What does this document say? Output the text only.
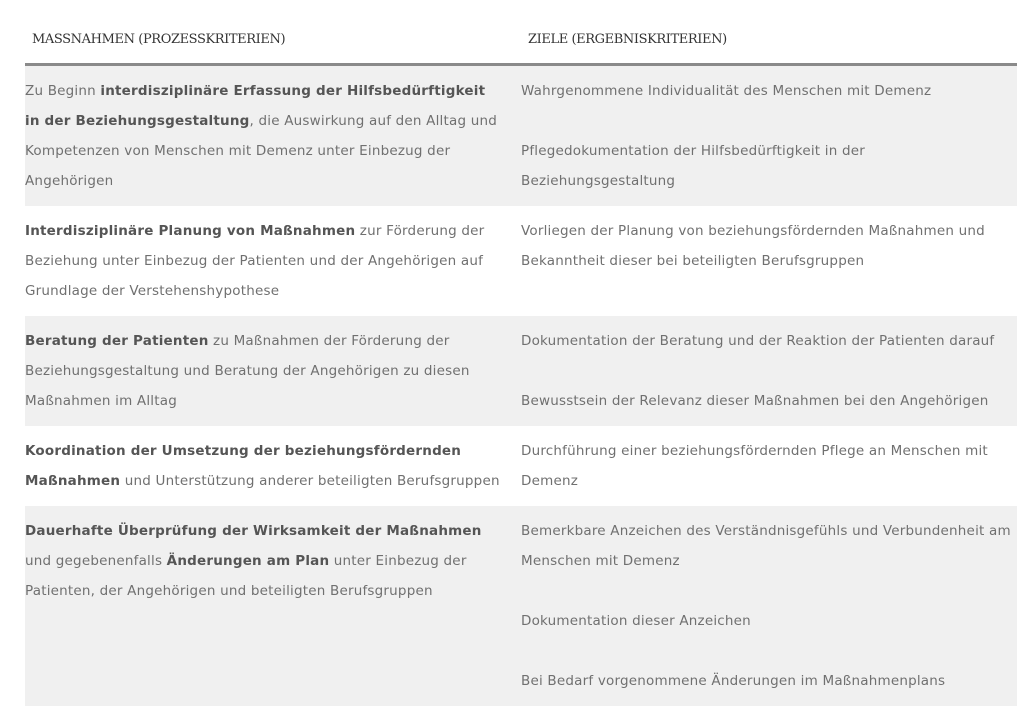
MASSNAHMEN (PROZESSKRITERIEN)	ZIELE (ERGEBNISKRITERIEN)
Zu Beginn interdisziplinäre Erfassung der Hilfsbedürftigkeit in der Beziehungsgestaltung, die Auswirkung auf den Alltag und Kompetenzen von Menschen mit Demenz unter Einbezug der Angehörigen

Wahrgenommene Individualität des Menschen mit Demenz

Pflegedokumentation der Hilfsbedürftigkeit in der Beziehungsgestaltung

Interdisziplinäre Planung von Maßnahmen zur Förderung der Beziehung unter Einbezug der Patienten und der Angehörigen auf Grundlage der Verstehenshypothese

Vorliegen der Planung von beziehungsfördernden Maßnahmen und Bekanntheit dieser bei beteiligten Berufsgruppen

Beratung der Patienten zu Maßnahmen der Förderung der Beziehungsgestaltung und Beratung der Angehörigen zu diesen Maßnahmen im Alltag

Dokumentation der Beratung und der Reaktion der Patienten darauf

Bewusstsein der Relevanz dieser Maßnahmen bei den Angehörigen

Koordination der Umsetzung der beziehungsfördernden Maßnahmen und Unterstützung anderer beteiligten Berufsgruppen

Durchführung einer beziehungsfördernden Pflege an Menschen mit Demenz

Dauerhafte Überprüfung der Wirksamkeit der Maßnahmen und gegebenenfalls Änderungen am Plan unter Einbezug der Patienten, der Angehörigen und beteiligten Berufsgruppen

Bemerkbare Anzeichen des Verständnisgefühls und Verbundenheit am Menschen mit Demenz

Dokumentation dieser Anzeichen

Bei Bedarf vorgenommene Änderungen im Maßnahmenplans
